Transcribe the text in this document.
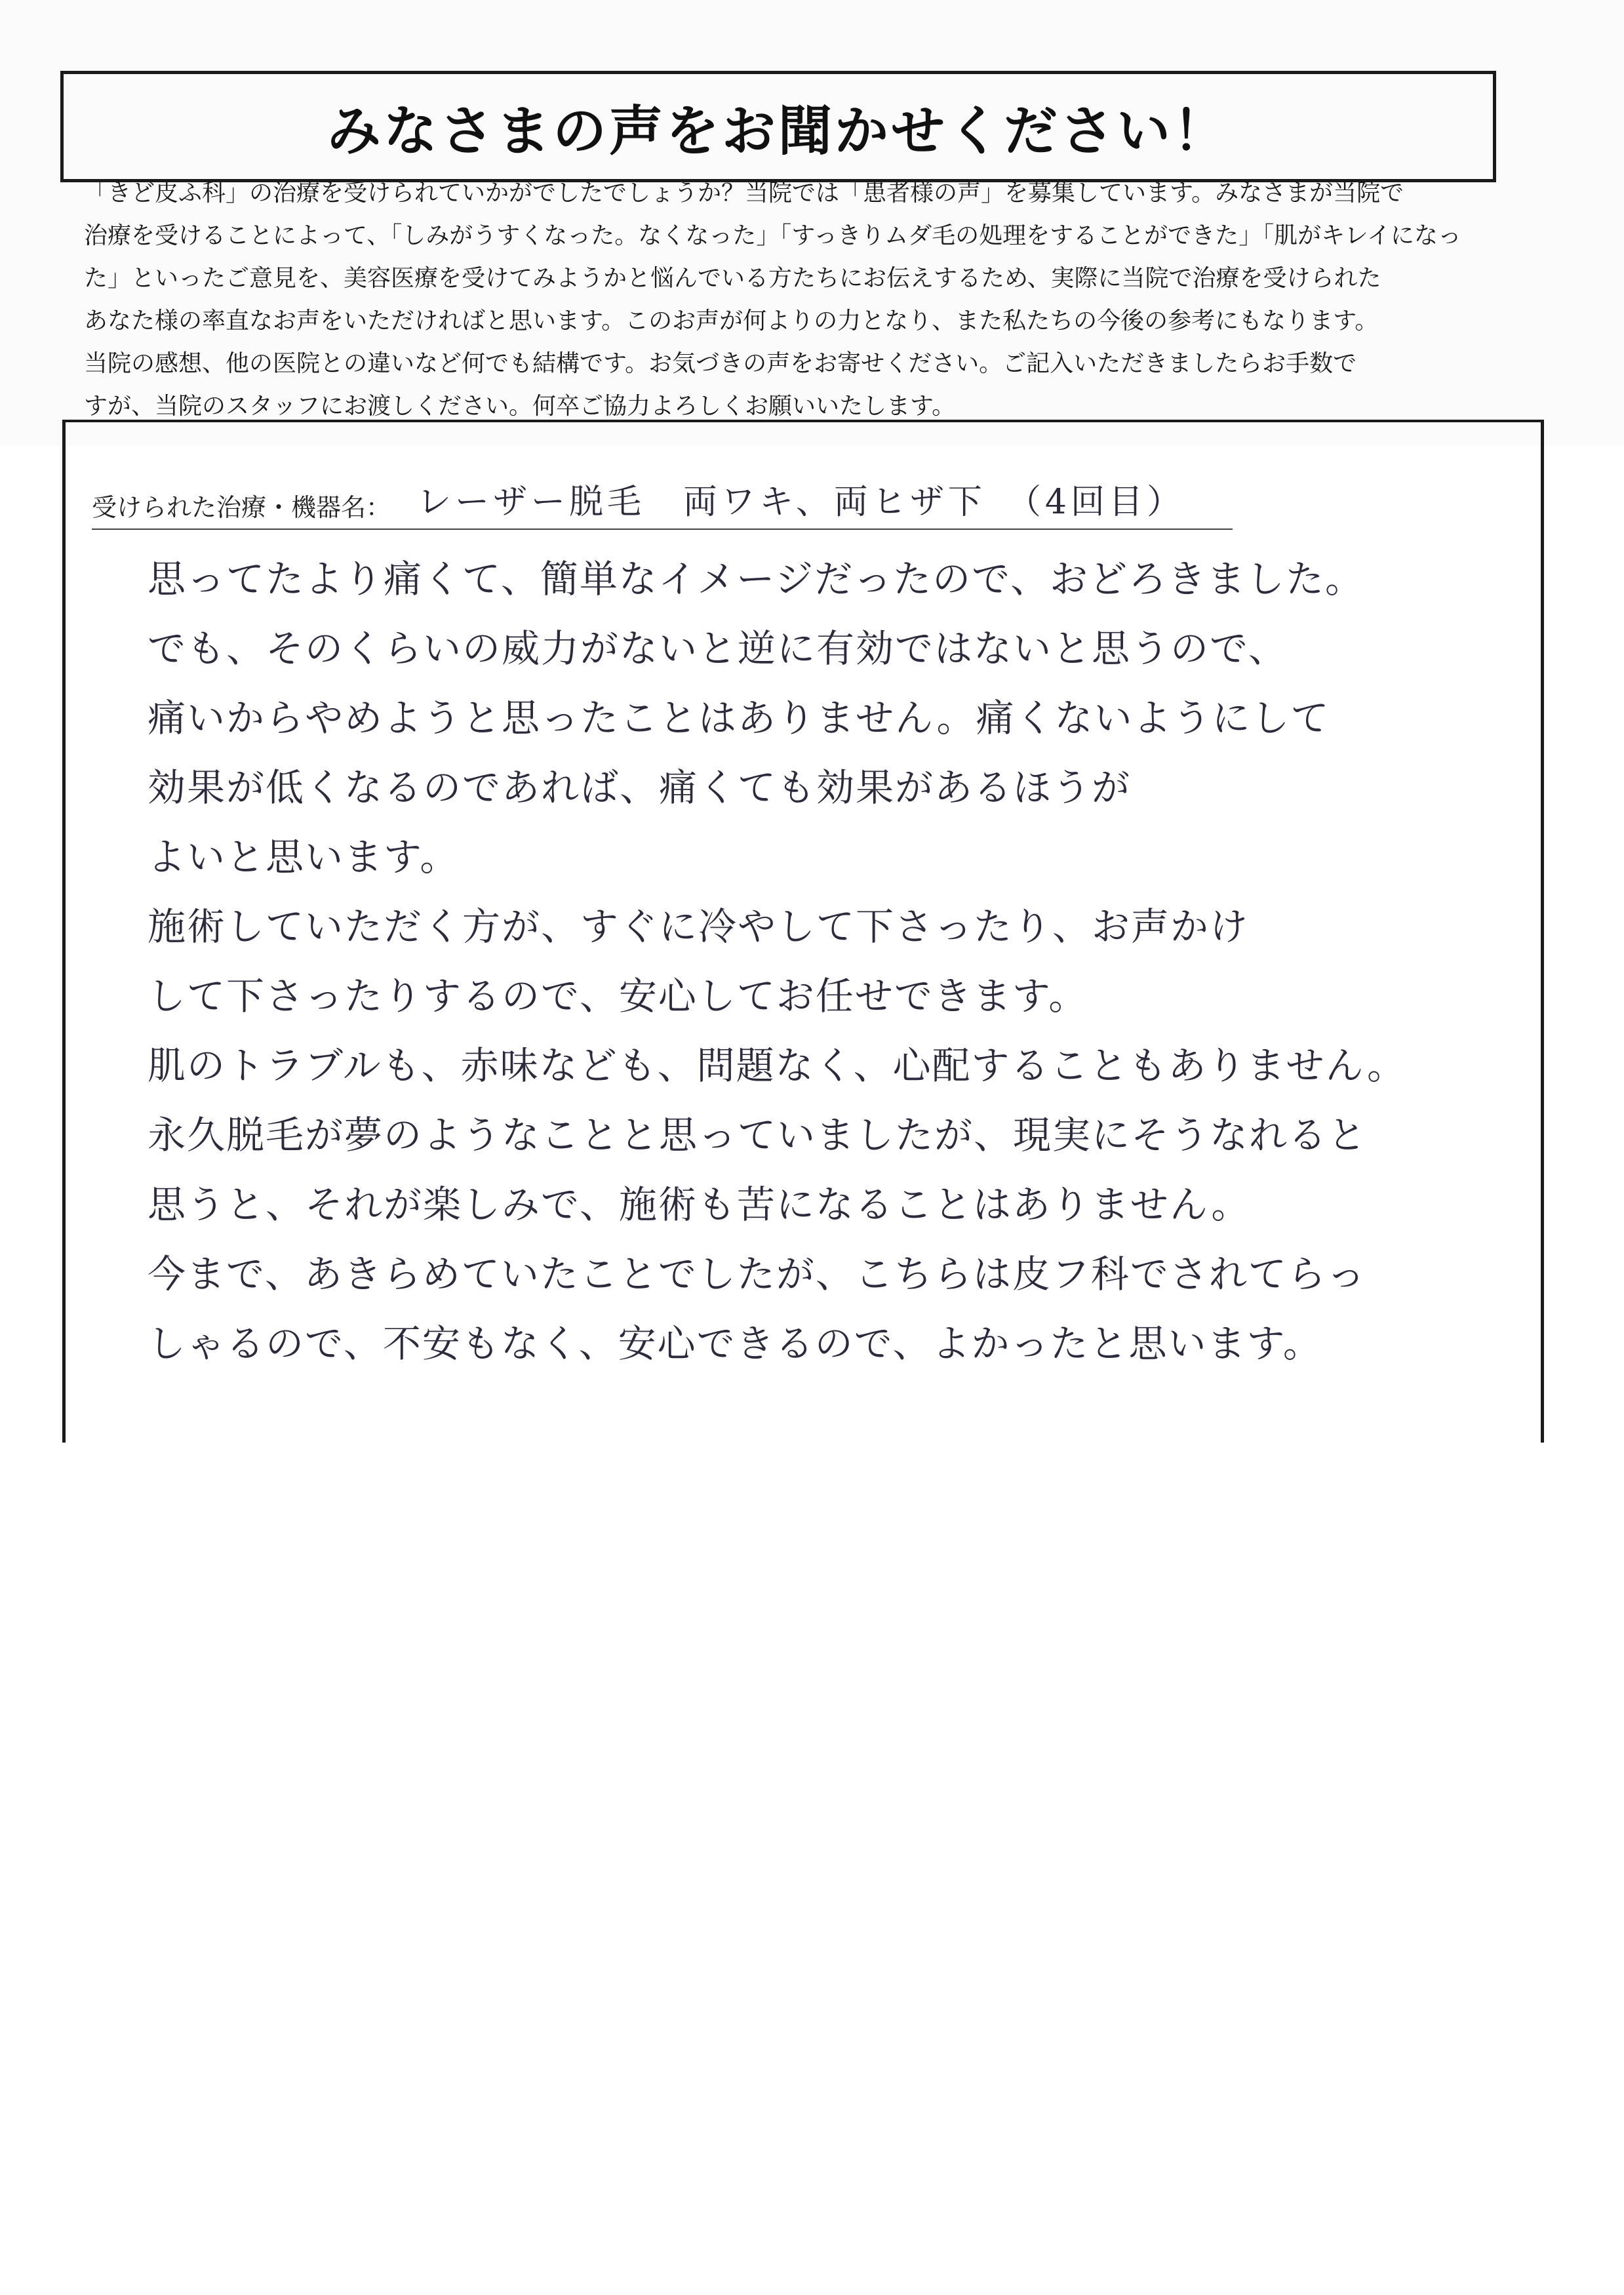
みなさまの声をお聞かせください！
「きど皮ふ科」の治療を受けられていかがでしたでしょうか？当院では「患者様の声」を募集しています。みなさまが当院で
治療を受けることによって、「しみがうすくなった。なくなった」「すっきりムダ毛の処理をすることができた」「肌がキレイになっ
た」といったご意見を、美容医療を受けてみようかと悩んでいる方たちにお伝えするため、実際に当院で治療を受けられた
あなた様の率直なお声をいただければと思います。このお声が何よりの力となり、また私たちの今後の参考にもなります。
当院の感想、他の医院との違いなど何でも結構です。お気づきの声をお寄せください。ご記入いただきましたらお手数で
すが、当院のスタッフにお渡しください。何卒ご協力よろしくお願いいたします。
受けられた治療・機器名： レーザー脱毛　両ワキ、両ヒザ下　（4回目）
思ってたより痛くて、簡単なイメージだったので、おどろきました。
でも、そのくらいの威力がないと逆に有効ではないと思うので、
痛いからやめようと思ったことはありません。痛くないようにして
効果が低くなるのであれば、痛くても効果があるほうが
よいと思います。
施術していただく方が、すぐに冷やして下さったり、お声かけ
して下さったりするので、安心してお任せできます。
肌のトラブルも、赤味なども、問題なく、心配することもありません。
永久脱毛が夢のようなことと思っていましたが、現実にそうなれると
思うと、それが楽しみで、施術も苦になることはありません。
今まで、あきらめていたことでしたが、こちらは皮フ科でされてらっ
しゃるので、不安もなく、安心できるので、よかったと思います。
